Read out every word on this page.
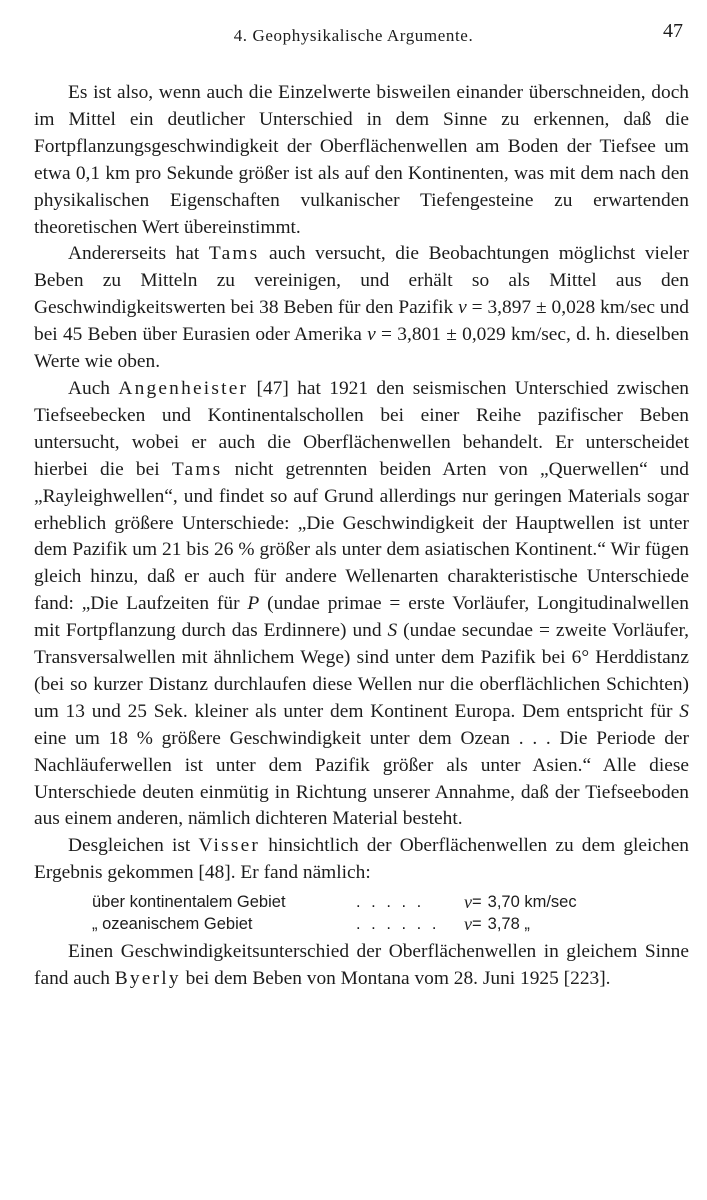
4. Geophysikalische Argumente.	47

Es ist also, wenn auch die Einzelwerte bisweilen einander überschneiden, doch im Mittel ein deutlicher Unterschied in dem Sinne zu erkennen, daß die Fortpflanzungsgeschwindigkeit der Oberflächenwellen am Boden der Tiefsee um etwa 0,1 km pro Sekunde größer ist als auf den Kontinenten, was mit dem nach den physikalischen Eigenschaften vulkanischer Tiefengesteine zu erwartenden theoretischen Wert übereinstimmt.

Andererseits hat Tams auch versucht, die Beobachtungen möglichst vieler Beben zu Mitteln zu vereinigen, und erhält so als Mittel aus den Geschwindigkeitswerten bei 38 Beben für den Pazifik v = 3,897 ± 0,028 km/sec und bei 45 Beben über Eurasien oder Amerika v = 3,801 ± 0,029 km/sec, d. h. dieselben Werte wie oben.

Auch Angenheister [47] hat 1921 den seismischen Unterschied zwischen Tiefseebecken und Kontinentalschollen bei einer Reihe pazifischer Beben untersucht, wobei er auch die Oberflächenwellen behandelt. Er unterscheidet hierbei die bei Tams nicht getrennten beiden Arten von „Querwellen“ und „Rayleighwellen“, und findet so auf Grund allerdings nur geringen Materials sogar erheblich größere Unterschiede: „Die Geschwindigkeit der Hauptwellen ist unter dem Pazifik um 21 bis 26 % größer als unter dem asiatischen Kontinent.“ Wir fügen gleich hinzu, daß er auch für andere Wellenarten charakteristische Unterschiede fand: „Die Laufzeiten für P (undae primae = erste Vorläufer, Longitudinalwellen mit Fortpflanzung durch das Erdinnere) und S (undae secundae = zweite Vorläufer, Transversalwellen mit ähnlichem Wege) sind unter dem Pazifik bei 6° Herddistanz (bei so kurzer Distanz durchlaufen diese Wellen nur die oberflächlichen Schichten) um 13 und 25 Sek. kleiner als unter dem Kontinent Europa. Dem entspricht für S eine um 18 % größere Geschwindigkeit unter dem Ozean . . . Die Periode der Nachläuferwellen ist unter dem Pazifik größer als unter Asien.“ Alle diese Unterschiede deuten einmütig in Richtung unserer Annahme, daß der Tiefseeboden aus einem anderen, nämlich dichteren Material besteht.

Desgleichen ist Visser hinsichtlich der Oberflächenwellen zu dem gleichen Ergebnis gekommen [48]. Er fand nämlich:

über kontinentalem Gebiet	. . . . .	v = 3,70 km/sec
„ ozeanischem Gebiet	. . . . . .	v = 3,78 „

Einen Geschwindigkeitsunterschied der Oberflächenwellen in gleichem Sinne fand auch Byerly bei dem Beben von Montana vom 28. Juni 1925 [223].
